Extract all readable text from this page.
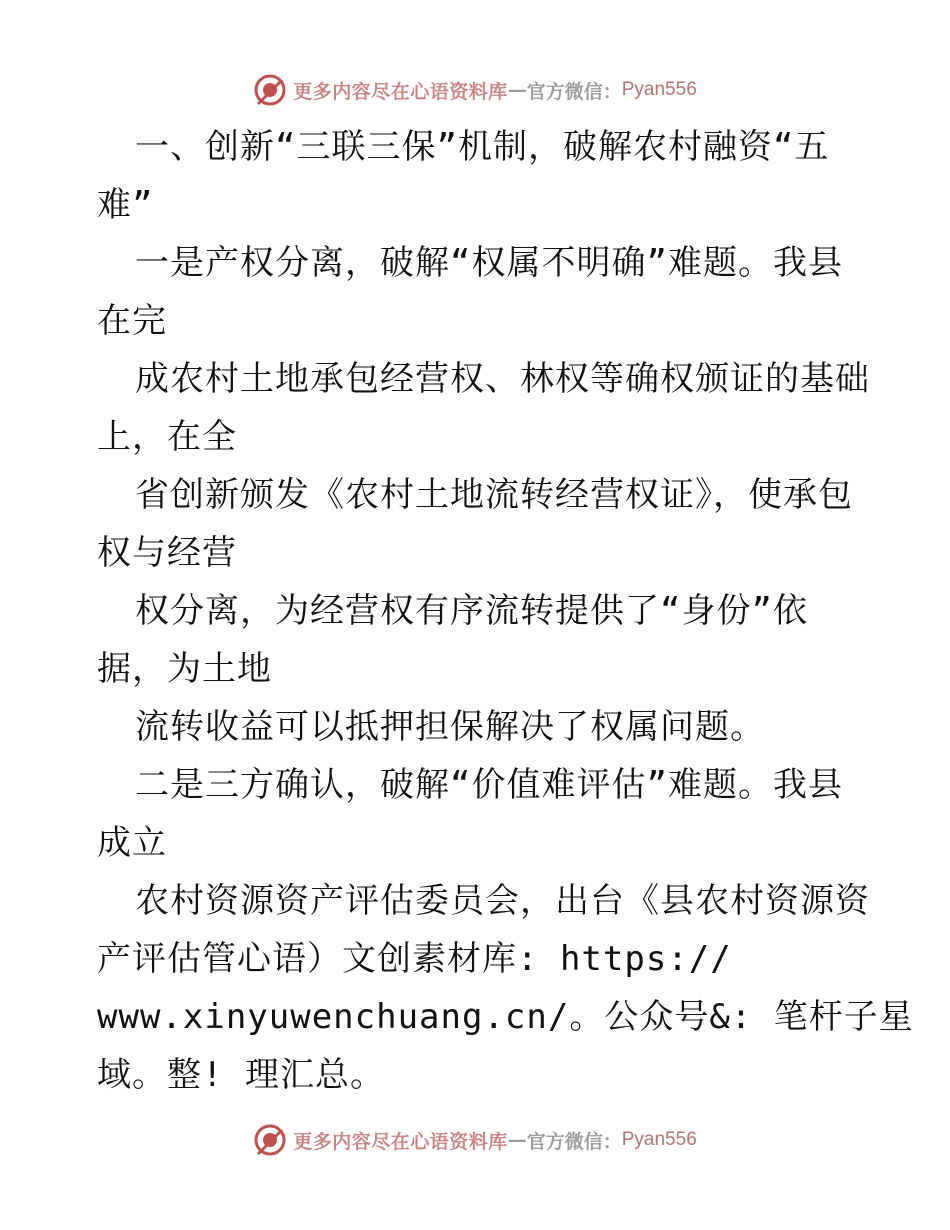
更多内容尽在心语资料库 — 官方微信： Pyan556
一、创新“三联三保”机制，破解农村融资“五
难”
一是产权分离，破解“权属不明确”难题。我县
在完
成农村土地承包经营权、林权等确权颁证的基础
上，在全
省创新颁发《农村土地流转经营权证》，使承包
权与经营
权分离，为经营权有序流转提供了“身份”依
据，为土地
流转收益可以抵押担保解决了权属问题。
二是三方确认，破解“价值难评估”难题。我县
成立
农村资源资产评估委员会，出台《县农村资源资
产评估管心语）文创素材库: https://
www.xinyuwenchuang.cn/。公众号&: 笔杆子星
域。整! 理汇总。
更多内容尽在心语资料库 — 官方微信： Pyan556
